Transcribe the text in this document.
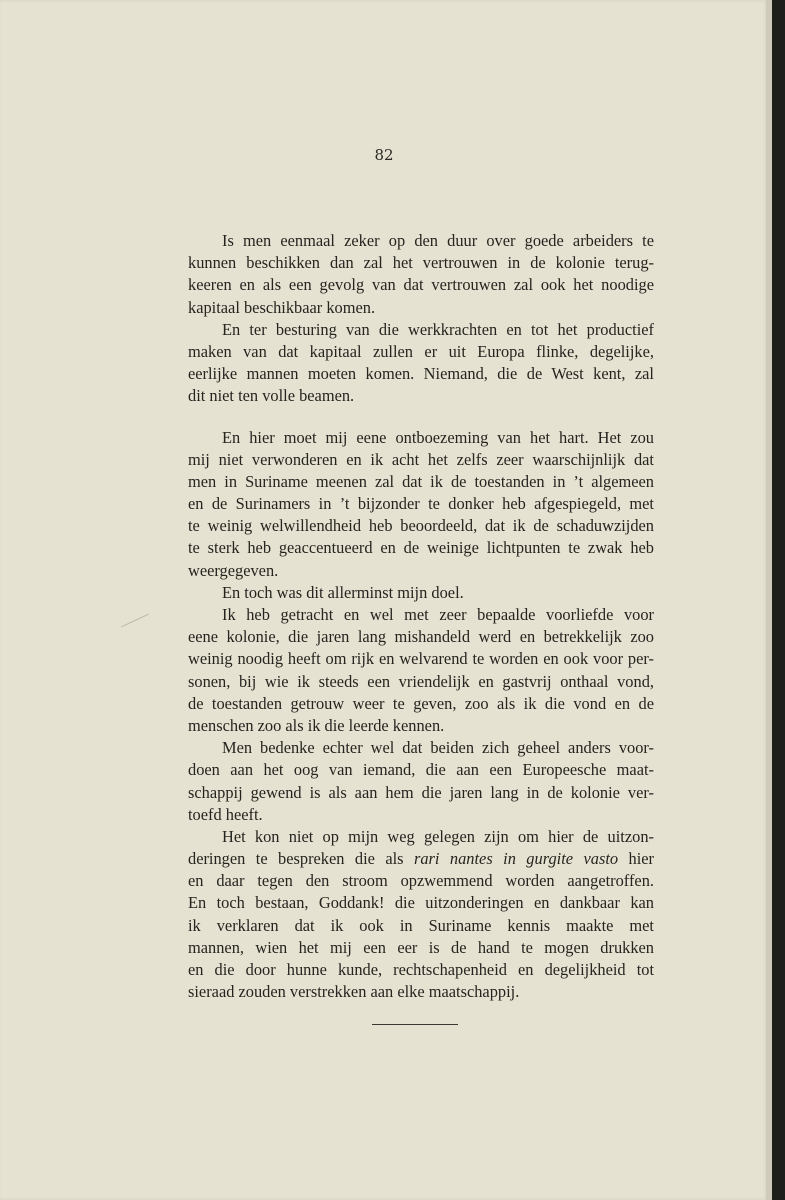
82
Is men eenmaal zeker op den duur over goede arbeiders te
kunnen beschikken dan zal het vertrouwen in de kolonie terug-
keeren en als een gevolg van dat vertrouwen zal ook het noodige
kapitaal beschikbaar komen.
En ter besturing van die werkkrachten en tot het productief
maken van dat kapitaal zullen er uit Europa flinke, degelijke,
eerlijke mannen moeten komen. Niemand, die de West kent, zal
dit niet ten volle beamen.
En hier moet mij eene ontboezeming van het hart. Het zou
mij niet verwonderen en ik acht het zelfs zeer waarschijnlijk dat
men in Suriname meenen zal dat ik de toestanden in ’t algemeen
en de Surinamers in ’t bijzonder te donker heb afgespiegeld, met
te weinig welwillendheid heb beoordeeld, dat ik de schaduwzijden
te sterk heb geaccentueerd en de weinige lichtpunten te zwak heb
weergegeven.
En toch was dit allerminst mijn doel.
Ik heb getracht en wel met zeer bepaalde voorliefde voor
eene kolonie, die jaren lang mishandeld werd en betrekkelijk zoo
weinig noodig heeft om rijk en welvarend te worden en ook voor per-
sonen, bij wie ik steeds een vriendelijk en gastvrij onthaal vond,
de toestanden getrouw weer te geven, zoo als ik die vond en de
menschen zoo als ik die leerde kennen.
Men bedenke echter wel dat beiden zich geheel anders voor-
doen aan het oog van iemand, die aan een Europeesche maat-
schappij gewend is als aan hem die jaren lang in de kolonie ver-
toefd heeft.
Het kon niet op mijn weg gelegen zijn om hier de uitzon-
deringen te bespreken die als rari nantes in gurgite vasto hier
en daar tegen den stroom opzwemmend worden aangetroffen.
En toch bestaan, Goddank! die uitzonderingen en dankbaar kan
ik verklaren dat ik ook in Suriname kennis maakte met
mannen, wien het mij een eer is de hand te mogen drukken
en die door hunne kunde, rechtschapenheid en degelijkheid tot
sieraad zouden verstrekken aan elke maatschappij.
